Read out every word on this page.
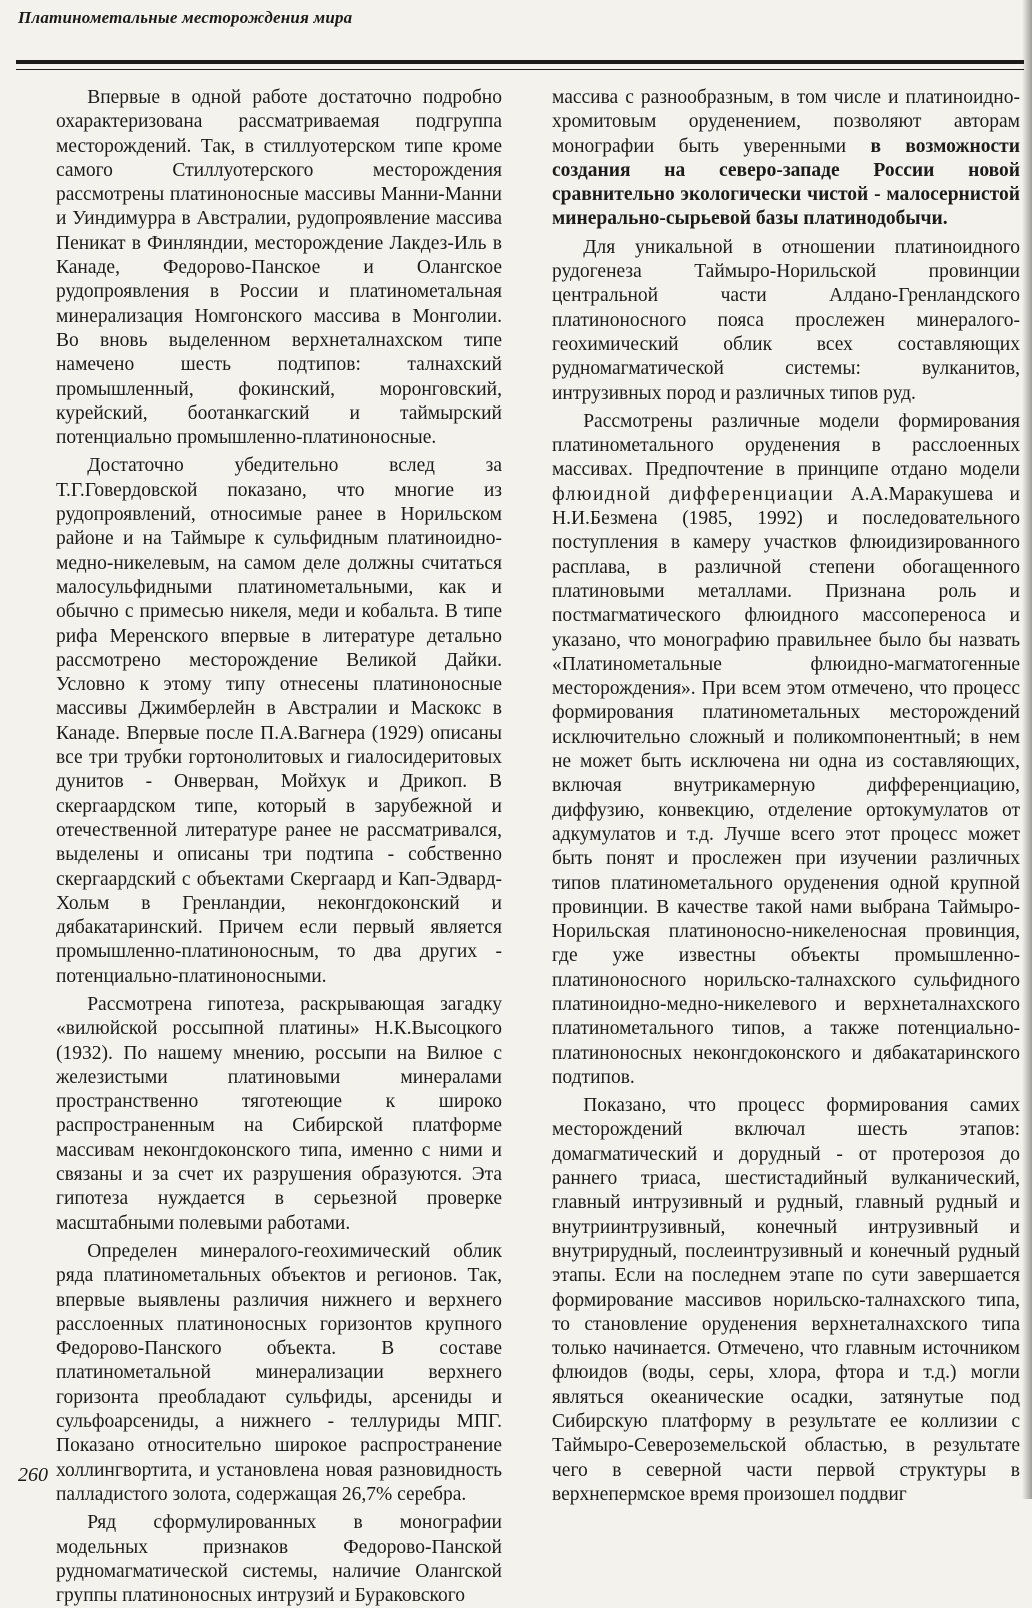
Платинометальные месторождения мира

Впервые в одной работе достаточно подробно охарактеризована рассматриваемая подгруппа месторождений. Так, в стиллуотерском типе кроме самого Стиллуотерского месторождения рассмотрены платиноносные массивы Манни-Манни и Уиндимурра в Австралии, рудопроявление массива Пеникат в Финляндии, месторождение Лакдез-Иль в Канаде, Федорово-Панское и Оланrское рудопроявления в России и платинометальная минерализация Номгонского массива в Монголии. Во вновь выделенном верхнеталнахском типе намечено шесть подтипов: талнахский промышленный, фокинский, моронговский, курейский, боотанкагский и таймырский потенциально промышленно-платиноносные.

Достаточно убедительно вслед за Т.Г.Говердовской показано, что многие из рудопроявлений, относимые ранее в Норильском районе и на Таймыре к сульфидным платиноидно-медно-никелевым, на самом деле должны считаться малосульфидными платинометальными, как и обычно с примесью никеля, меди и кобальта. В типе рифа Меренского впервые в литературе детально рассмотрено месторождение Великой Дайки. Условно к этому типу отнесены платиноносные массивы Джимберлейн в Австралии и Маскокс в Канаде. Впервые после П.А.Вагнера (1929) описаны все три трубки гортонолитовых и гиалосидеритовых дунитов - Онверван, Мойхук и Дрикоп. В скергаардском типе, который в зарубежной и отечественной литературе ранее не рассматривался, выделены и описаны три подтипа - собственно скергаардский с объектами Скергаард и Кап-Эдвард-Хольм в Гренландии, неконгдоконский и дябакатаринский. Причем если первый является промышленно-платиноносным, то два других - потенциально-платиноносными.

Рассмотрена гипотеза, раскрывающая загадку «вилюйской россыпной платины» Н.К.Высоцкого (1932). По нашему мнению, россыпи на Вилюе с железистыми платиновыми минералами пространственно тяготеющие к широко распространенным на Сибирской платформе массивам неконгдоконского типа, именно с ними и связаны и за счет их разрушения образуются. Эта гипотеза нуждается в серьезной проверке масштабными полевыми работами.

Определен минералого-геохимический облик ряда платинометальных объектов и регионов. Так, впервые выявлены различия нижнего и верхнего расслоенных платиноносных горизонтов крупного Федорово-Панского объекта. В составе платинометальной минерализации верхнего горизонта преобладают сульфиды, арсениды и сульфоарсениды, а нижнего - теллуриды МПГ. Показано относительно широкое распространение холлингвортита, и установлена новая разновидность палладистого золота, содержащая 26,7% серебра.

Ряд сформулированных в монографии модельных признаков Федорово-Панской рудномагматической системы, наличие Оланrской группы платиноносных интрузий и Бураковского

массива с разнообразным, в том числе и платиноидно-хромитовым оруденением, позволяют авторам монографии быть уверенными в возможности создания на северо-западе России новой сравнительно экологически чистой - малосернистой минерально-сырьевой базы платинодобычи.

Для уникальной в отношении платиноидного рудогенеза Таймыро-Норильской провинции центральной части Алдано-Гренландского платиноносного пояса прослежен минералого-геохимический облик всех составляющих рудномагматической системы: вулканитов, интрузивных пород и различных типов руд.

Рассмотрены различные модели формирования платинометального оруденения в расслоенных массивах. Предпочтение в принципе отдано модели флюидной дифференциации А.А.Маракушева и Н.И.Безмена (1985, 1992) и последовательного поступления в камеру участков флюидизированного расплава, в различной степени обогащенного платиновыми металлами. Признана роль и постмагматического флюидного массопереноса и указано, что монографию правильнее было бы назвать «Платинометальные флюидно-магматогенные месторождения». При всем этом отмечено, что процесс формирования платинометальных месторождений исключительно сложный и поликомпонентный; в нем не может быть исключена ни одна из составляющих, включая внутрикамерную дифференциацию, диффузию, конвекцию, отделение ортокумулатов от адкумулатов и т.д. Лучше всего этот процесс может быть понят и прослежен при изучении различных типов платинометального оруденения одной крупной провинции. В качестве такой нами выбрана Таймыро-Норильская платиноносно-никеленосная провинция, где уже известны объекты промышленно-платиноносного норильско-талнахского сульфидного платиноидно-медно-никелевого и верхнеталнахского платинометального типов, а также потенциально-платиноносных неконгдоконского и дябакатаринского подтипов.

Показано, что процесс формирования самих месторождений включал шесть этапов: домагматический и дорудный - от протерозоя до раннего триаса, шестистадийный вулканический, главный интрузивный и рудный, главный рудный и внутриинтрузивный, конечный интрузивный и внутрирудный, послеинтрузивный и конечный рудный этапы. Если на последнем этапе по сути завершается формирование массивов норильско-талнахского типа, то становление оруденения верхнеталнахского типа только начинается. Отмечено, что главным источником флюидов (воды, серы, хлора, фтора и т.д.) могли являться океанические осадки, затянутые под Сибирскую платформу в результате ее коллизии с Таймыро-Североземельской областью, в результате чего в северной части первой структуры в верхнепермское время произошел поддвиг

260
